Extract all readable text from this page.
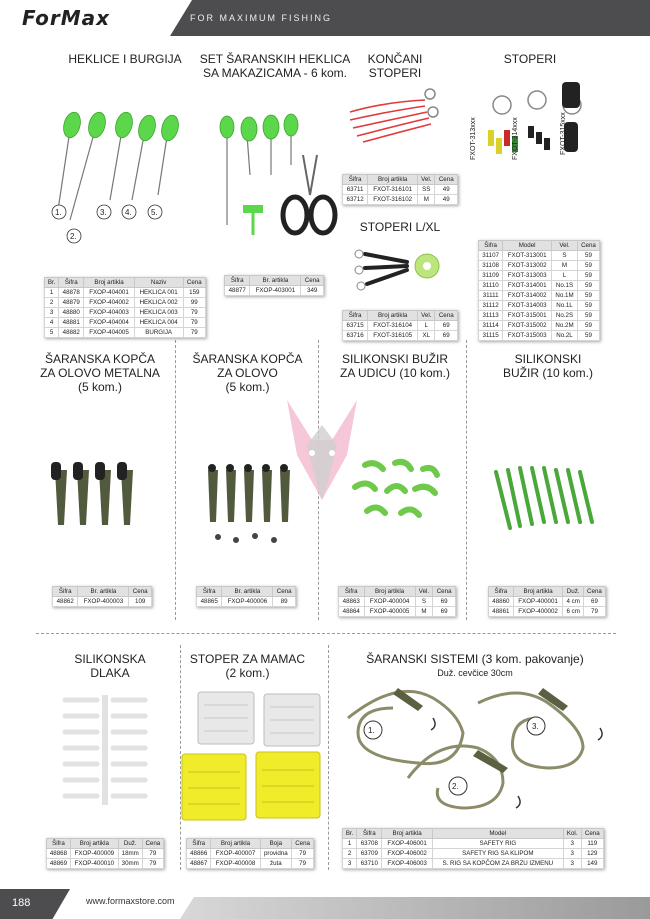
ForMax	FOR MAXIMUM FISHING
HEKLICE I BURGIJA
1.
2.
3. 4. 5.
Br.	Šifra	Broj artikla	Naziv	Cena
1	48878	FXOP-404001	HEKLICA 001	159
2	48879	FXOP-404002	HEKLICA 002	99
3	48880	FXOP-404003	HEKLICA 003	79
4	48881	FXOP-404004	HEKLICA 004	79
5	48882	FXOP-404005	BURGIJA	79
SET ŠARANSKIH HEKLICA
SA MAKAZICAMA - 6 kom.
Šifra	Br. artikla	Cena
48877	FXOP-403001	349
KONČANI
STOPERI
Šifra	Broj artikla	Vel.	Cena
63711	FXOT-316101	SS	49
63712	FXOT-316102	M	49
STOPERI L/XL
Šifra	Broj artikla	Vel.	Cena
63715	FXOT-316104	L	69
63716	FXOT-316105	XL	69
STOPERI
FXOT-313xxx	FXOT-314xxx	FXOT-315xxx
Šifra	Model	Vel.	Cena
31107	FXOT-313001	S	59
31108	FXOT-313002	M	59
31109	FXOT-313003	L	59
31110	FXOT-314001	No.1S	59
31111	FXOT-314002	No.1M	59
31112	FXOT-314003	No.1L	59
31113	FXOT-315001	No.2S	59
31114	FXOT-315002	No.2M	59
31115	FXOT-315003	No.2L	59
ŠARANSKA KOPČA
ZA OLOVO METALNA
(5 kom.)
Šifra	Br. artikla	Cena
48862	FXOP-400003	109
ŠARANSKA KOPČA
ZA OLOVO
(5 kom.)
Šifra	Br. artikla	Cena
48865	FXOP-400006	89
SILIKONSKI BUŽIR
ZA UDICU (10 kom.)
Šifra	Broj artikla	Vel.	Cena
48863	FXOP-400004	S	69
48864	FXOP-400005	M	69
SILIKONSKI
BUŽIR (10 kom.)
Šifra	Broj artikla	Duž.	Cena
48860	FXOP-400001	4 cm	69
48861	FXOP-400002	6 cm	79
SILIKONSKA
DLAKA
Šifra	Broj artikla	Duž.	Cena
48868	FXOP-400009	18mm	79
48869	FXOP-400010	30mm	79
STOPER ZA MAMAC
(2 kom.)
Šifra	Broj artikla	Boja	Cena
48866	FXOP-400007	providna	79
48867	FXOP-400008	žuta	79
ŠARANSKI SISTEMI (3 kom. pakovanje)
Duž. cevčice 30cm
1.
2.
3.
Br.	Šifra	Broj artikla	Model	Kol.	Cena
1	63708	FXOP-406001	SAFETY RIG	3	119
2	63709	FXOP-406002	SAFETY RIG SA KLIPOM	3	129
3	63710	FXOP-406003	S. RIG SA KOPČOM ZA BRZU IZMENU	3	149
188	www.formaxstore.com
